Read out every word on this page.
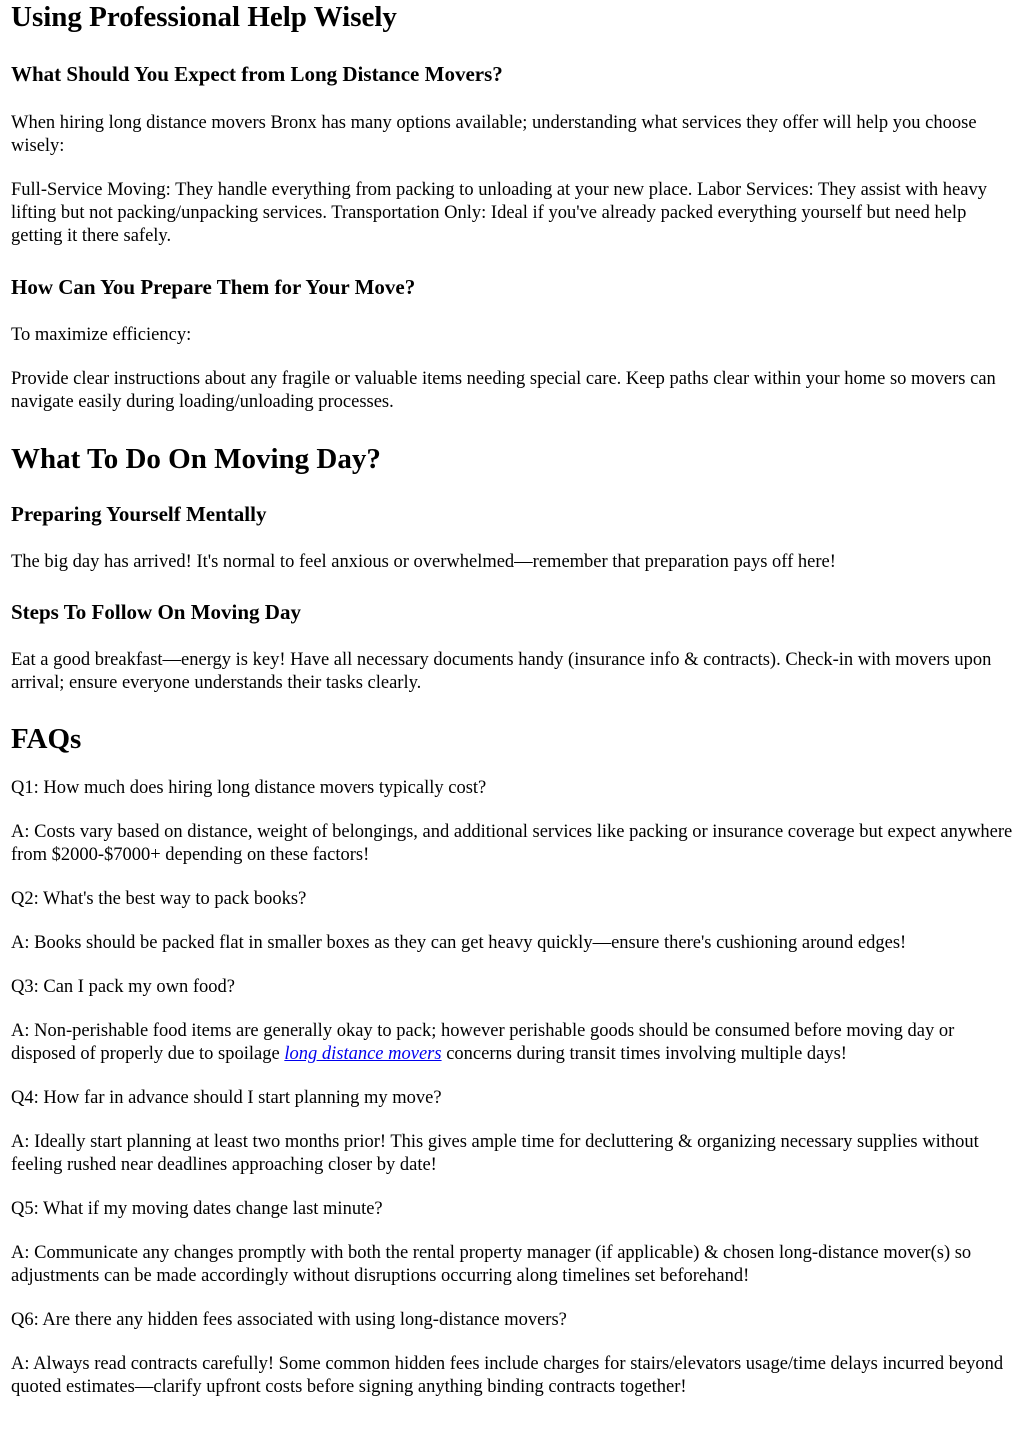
Using Professional Help Wisely
What Should You Expect from Long Distance Movers?

When hiring long distance movers Bronx has many options available; understanding what services they offer will help you choose wisely:

Full-Service Moving: They handle everything from packing to unloading at your new place. Labor Services: They assist with heavy lifting but not packing/unpacking services. Transportation Only: Ideal if you've already packed everything yourself but need help getting it there safely.

How Can You Prepare Them for Your Move?

To maximize efficiency:

Provide clear instructions about any fragile or valuable items needing special care. Keep paths clear within your home so movers can navigate easily during loading/unloading processes.

What To Do On Moving Day?
Preparing Yourself Mentally

The big day has arrived! It's normal to feel anxious or overwhelmed—remember that preparation pays off here!

Steps To Follow On Moving Day

Eat a good breakfast—energy is key! Have all necessary documents handy (insurance info & contracts). Check-in with movers upon arrival; ensure everyone understands their tasks clearly.

FAQs

Q1: How much does hiring long distance movers typically cost?

A: Costs vary based on distance, weight of belongings, and additional services like packing or insurance coverage but expect anywhere from $2000-$7000+ depending on these factors!

Q2: What's the best way to pack books?

A: Books should be packed flat in smaller boxes as they can get heavy quickly—ensure there's cushioning around edges!

Q3: Can I pack my own food?

A: Non-perishable food items are generally okay to pack; however perishable goods should be consumed before moving day or disposed of properly due to spoilage long distance movers concerns during transit times involving multiple days!

Q4: How far in advance should I start planning my move?

A: Ideally start planning at least two months prior! This gives ample time for decluttering & organizing necessary supplies without feeling rushed near deadlines approaching closer by date!

Q5: What if my moving dates change last minute?

A: Communicate any changes promptly with both the rental property manager (if applicable) & chosen long-distance mover(s) so adjustments can be made accordingly without disruptions occurring along timelines set beforehand!

Q6: Are there any hidden fees associated with using long-distance movers?

A: Always read contracts carefully! Some common hidden fees include charges for stairs/elevators usage/time delays incurred beyond quoted estimates—clarify upfront costs before signing anything binding contracts together!
